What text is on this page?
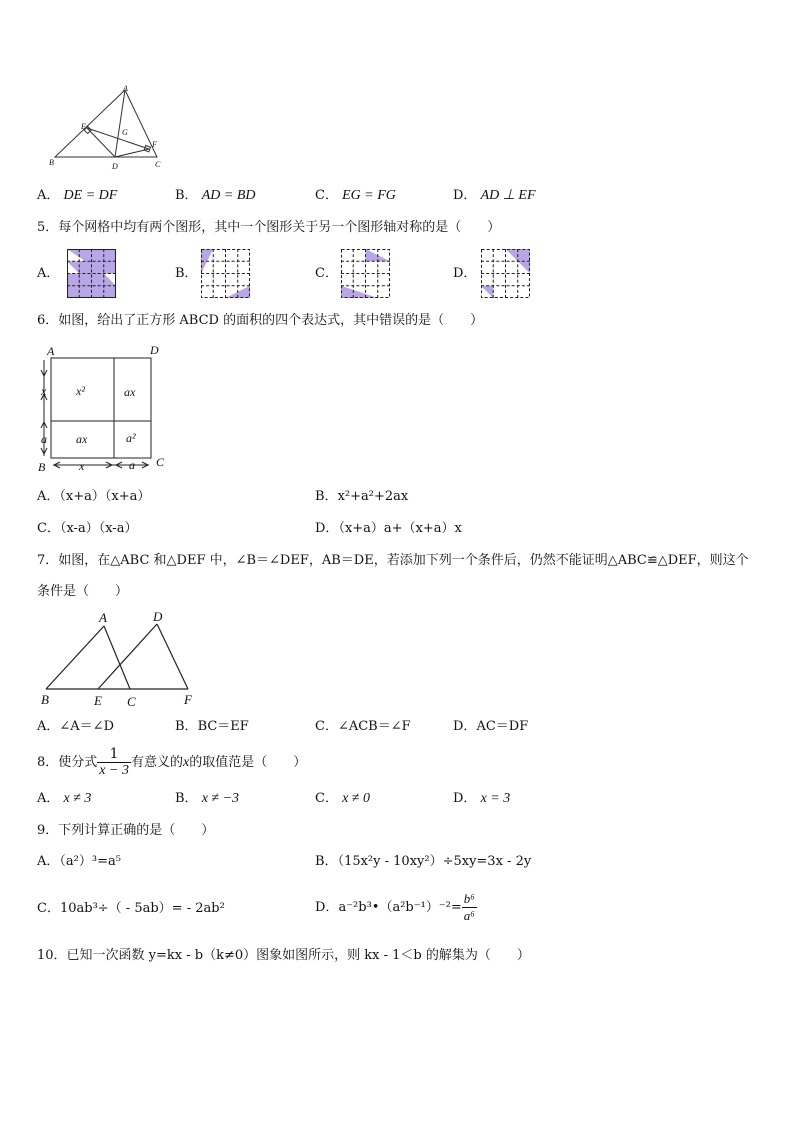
A
E
G
F
B	D	C
A． DE = DF	B． AD = BD	C． EG = FG	D． AD ⊥ EF
5．每个网格中均有两个图形，其中一个图形关于另一个图形轴对称的是（　　）
A．	B．	C．	D．
6．如图，给出了正方形 ABCD 的面积的四个表达式，其中错误的是（　　）
A	D
B	C
x²	ax
ax	a²
x
a
x	a
A．（x+a）（x+a）	B．x²+a²+2ax
C．（x-a）（x-a）	D．（x+a）a+（x+a）x
7．如图，在△ABC 和△DEF 中，∠B＝∠DEF，AB＝DE，若添加下列一个条件后，仍然不能证明△ABC≌△DEF，则这个
条件是（　　）
A	D
B	E C	F
A．∠A＝∠D	B．BC＝EF	C．∠ACB＝∠F	D．AC＝DF
8．使分式 $\frac{1}{x - 3}$ 有意义的x的取值范是（　　）
A． x ≠ 3	B． x ≠ −3	C． x ≠ 0	D． x = 3
9．下列计算正确的是（　　）
A．（a²）³=a⁵	B．（15x²y - 10xy²）÷5xy=3x - 2y
C．10ab³÷（ - 5ab）= - 2ab²	D．a⁻²b³•（a²b⁻¹）⁻²= $\frac{\text{b⁶}}{\text{a⁶}}$
10．已知一次函数 y=kx - b（k≠0）图象如图所示，则 kx - 1＜b 的解集为（　　）
